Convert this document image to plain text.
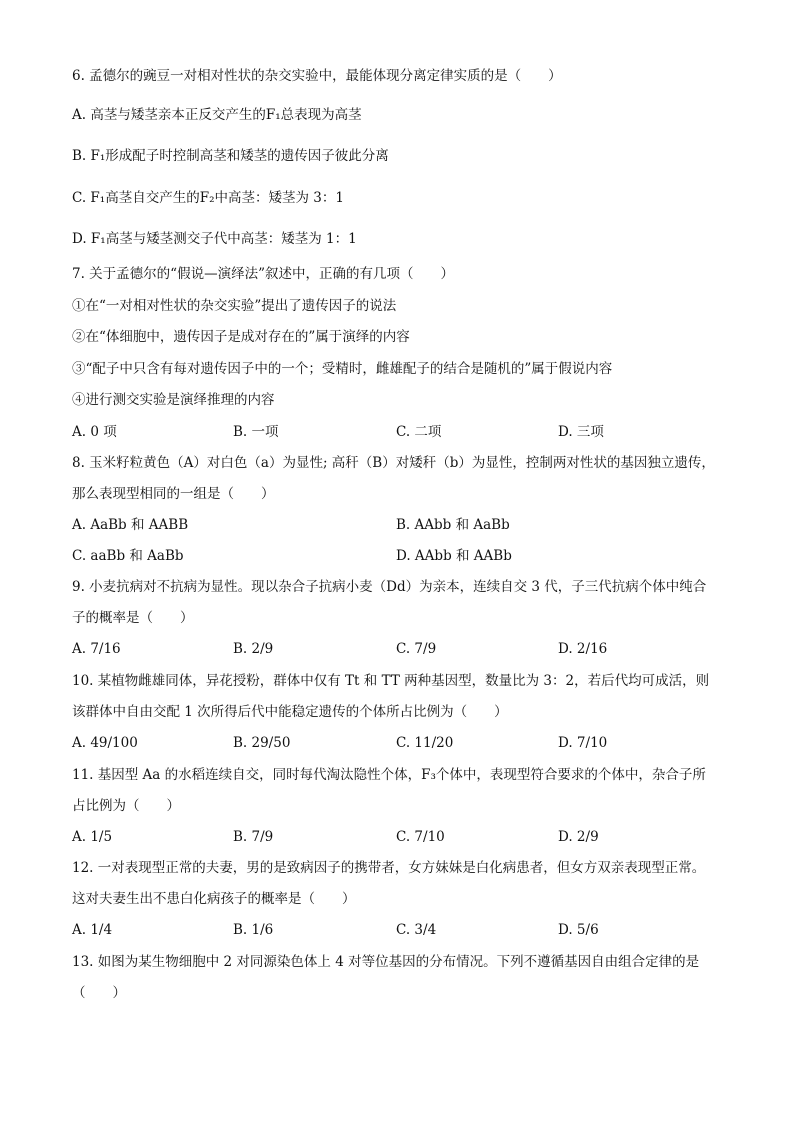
6. 孟德尔的豌豆一对相对性状的杂交实验中，最能体现分离定律实质的是（　　）
A. 高茎与矮茎亲本正反交产生的F₁总表现为高茎
B. F₁形成配子时控制高茎和矮茎的遗传因子彼此分离
C. F₁高茎自交产生的F₂中高茎：矮茎为 3：1
D. F₁高茎与矮茎测交子代中高茎：矮茎为 1：1
7. 关于孟德尔的“假说—演绎法”叙述中，正确的有几项（　　）
①在“一对相对性状的杂交实验”提出了遗传因子的说法
②在“体细胞中，遗传因子是成对存在的”属于演绎的内容
③“配子中只含有每对遗传因子中的一个；受精时，雌雄配子的结合是随机的”属于假说内容
④进行测交实验是演绎推理的内容
A. 0 项	B. 一项	C. 二项	D. 三项
8. 玉米籽粒黄色（A）对白色（a）为显性; 高秆（B）对矮秆（b）为显性，控制两对性状的基因独立遗传，
那么表现型相同的一组是（　　）
A. AaBb 和 AABB	B. AAbb 和 AaBb
C. aaBb 和 AaBb	D. AAbb 和 AABb
9. 小麦抗病对不抗病为显性。现以杂合子抗病小麦（Dd）为亲本，连续自交 3 代，子三代抗病个体中纯合
子的概率是（　　）
A. 7/16	B. 2/9	C. 7/9	D. 2/16
10. 某植物雌雄同体，异花授粉，群体中仅有 Tt 和 TT 两种基因型，数量比为 3：2，若后代均可成活，则
该群体中自由交配 1 次所得后代中能稳定遗传的个体所占比例为（　　）
A. 49/100	B. 29/50	C. 11/20	D. 7/10
11. 基因型 Aa 的水稻连续自交，同时每代淘汰隐性个体，F₃个体中，表现型符合要求的个体中，杂合子所
占比例为（　　）
A. 1/5	B. 7/9	C. 7/10	D. 2/9
12. 一对表现型正常的夫妻，男的是致病因子的携带者，女方妹妹是白化病患者，但女方双亲表现型正常。
这对夫妻生出不患白化病孩子的概率是（　　）
A. 1/4	B. 1/6	C. 3/4	D. 5/6
13. 如图为某生物细胞中 2 对同源染色体上 4 对等位基因的分布情况。下列不遵循基因自由组合定律的是
（　　）
